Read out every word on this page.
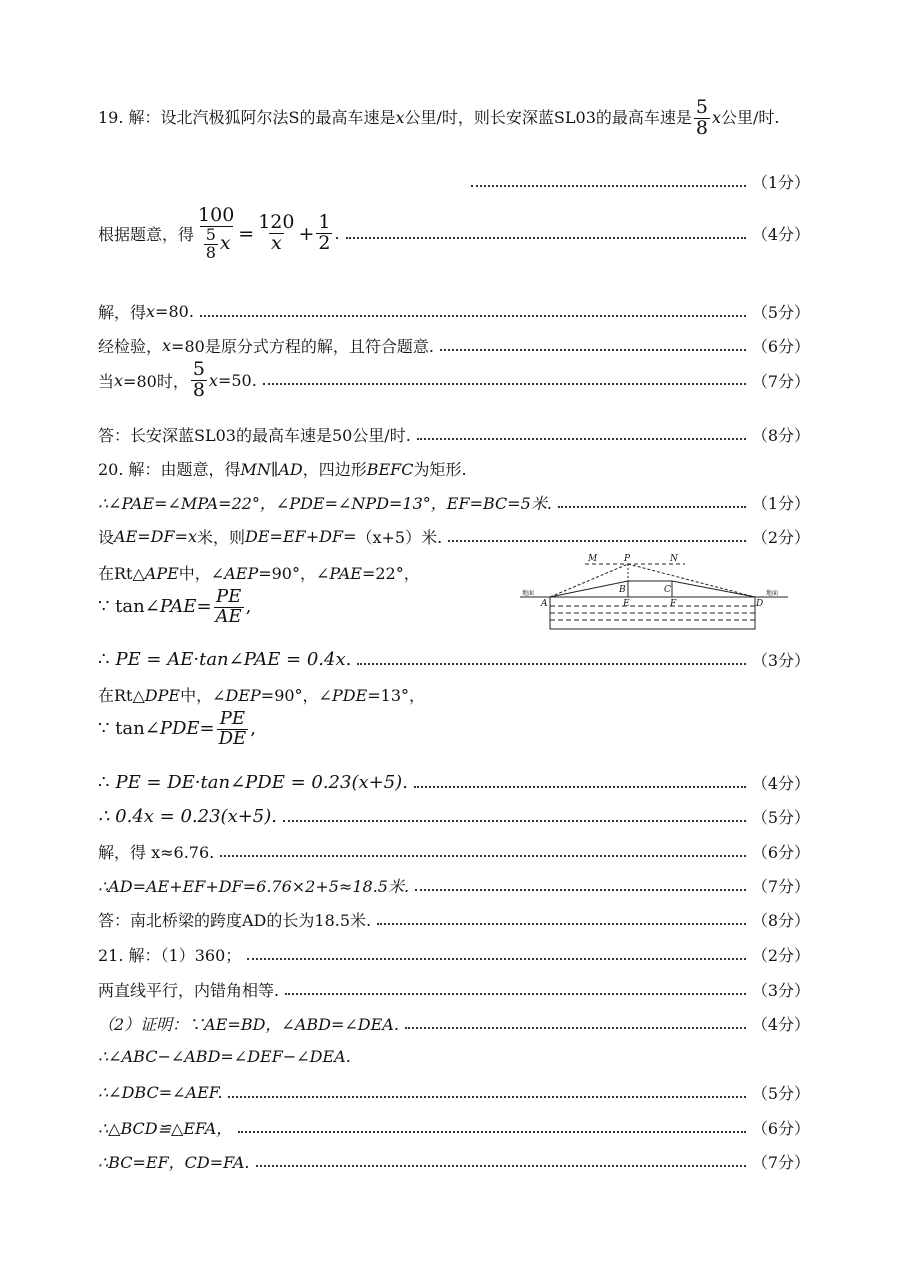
19. 解：设北汽极狐阿尔法S的最高车速是x公里/时，则长安深蓝SL03的最高车速是 $\frac{5}{8}$ x公里/时.
（1分）
根据题意，得 $\frac{100}{\frac{5}{8} x} = \frac{120}{x} + \frac{1}{2}$ .	（4分）
解，得 x =80.	（5分）
经检验， x =80是原分式方程的解，且符合题意.	（6分）
当 x =80时， $\frac{5}{8}$ x =50.	（7分）
答：长安深蓝SL03的最高车速是50公里/时.	（8分）
20. 解：由题意，得MN∥AD，四边形BEFC为矩形.
∴∠PAE=∠MPA=22°，∠PDE=∠NPD=13°，EF=BC=5米.	（1分）
设 AE=DF=x 米，则 DE=EF+DF= （x+5）米.	（2分）
在Rt△APE中，∠AEP=90°，∠PAE=22°，
∵ tan∠PAE= $\frac{PE}{AE}$ ,
M	P	N
B	C
A	E	F	D
地面	地面
∴ PE = AE·tan∠PAE = 0.4x .	（3分）
在Rt△DPE中，∠DEP=90°，∠PDE=13°，
∵ tan∠PDE= $\frac{PE}{DE}$ ,
∴ PE = DE·tan∠PDE = 0.23(x+5) .	（4分）
∴ 0.4x = 0.23(x+5).	（5分）
解，得 x≈6.76.	（6分）
∴AD=AE+EF+DF=6.76×2+5≈18.5米.	（7分）
答：南北桥梁的跨度AD的长为18.5米.	（8分）
21. 解：（1）360；	（2分）
两直线平行，内错角相等.	（3分）
（2）证明：∵AE=BD，∠ABD=∠DEA.	（4分）
∴∠ABC−∠ABD=∠DEF−∠DEA.
∴∠DBC=∠AEF.	（5分）
∴△BCD≌△EFA，	（6分）
∴BC=EF，CD=FA.	（7分）
